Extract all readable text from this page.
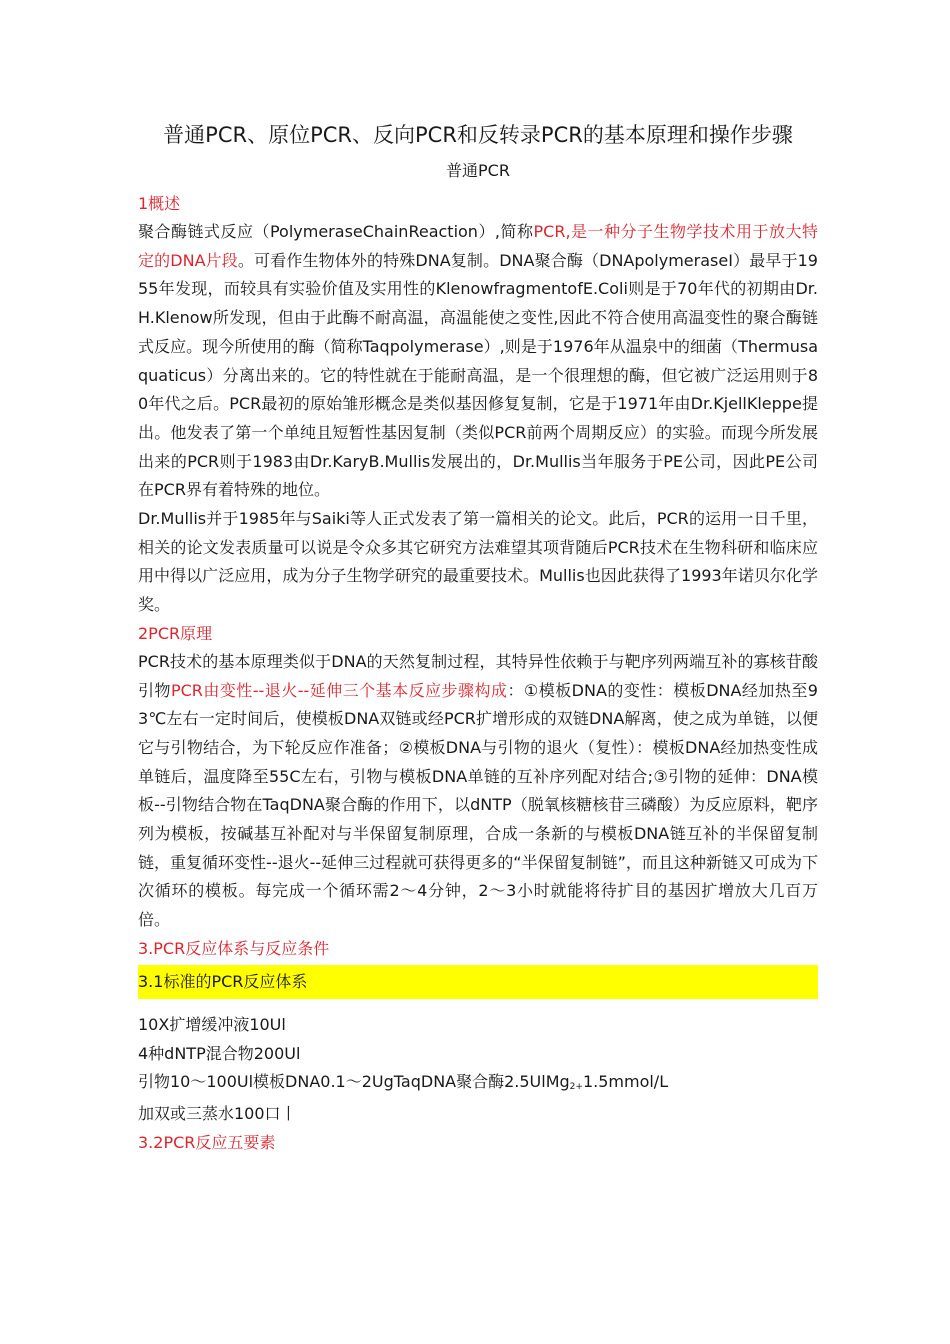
普通PCR、原位PCR、反向PCR和反转录PCR的基本原理和操作步骤
普通PCR
1概述

聚合酶链式反应（PolymeraseChainReaction）,简称PCR,是一种分子生物学技术用于放大特定的DNA片段。可看作生物体外的特殊DNA复制。DNA聚合酶（DNApolymeraseI）最早于1955年发现，而较具有实验价值及实用性的KlenowfragmentofE.Coli则是于70年代的初期由Dr.H.Klenow所发现，但由于此酶不耐高温，高温能使之变性,因此不符合使用高温变性的聚合酶链式反应。现今所使用的酶（简称Taqpolymerase）,则是于1976年从温泉中的细菌（Thermusaquaticus）分离出来的。它的特性就在于能耐高温，是一个很理想的酶，但它被广泛运用则于80年代之后。PCR最初的原始雏形概念是类似基因修复复制，它是于1971年由Dr.KjellKleppe提出。他发表了第一个单纯且短暂性基因复制（类似PCR前两个周期反应）的实验。而现今所发展出来的PCR则于1983由Dr.KaryB.Mullis发展出的，Dr.Mullis当年服务于PE公司，因此PE公司在PCR界有着特殊的地位。

Dr.Mullis并于1985年与Saiki等人正式发表了第一篇相关的论文。此后，PCR的运用一日千里，相关的论文发表质量可以说是令众多其它研究方法难望其项背随后PCR技术在生物科研和临床应用中得以广泛应用，成为分子生物学研究的最重要技术。Mullis也因此获得了1993年诺贝尔化学奖。

2PCR原理

PCR技术的基本原理类似于DNA的天然复制过程，其特异性依赖于与靶序列两端互补的寡核苷酸引物PCR由变性--退火--延伸三个基本反应步骤构成：①模板DNA的变性：模板DNA经加热至93℃左右一定时间后，使模板DNA双链或经PCR扩增形成的双链DNA解离，使之成为单链，以便它与引物结合，为下轮反应作准备；②模板DNA与引物的退火（复性）：模板DNA经加热变性成单链后，温度降至55C左右，引物与模板DNA单链的互补序列配对结合;③引物的延伸：DNA模板--引物结合物在TaqDNA聚合酶的作用下，以dNTP（脱氧核糖核苷三磷酸）为反应原料，靶序列为模板，按碱基互补配对与半保留复制原理，合成一条新的与模板DNA链互补的半保留复制链，重复循环变性--退火--延伸三过程就可获得更多的“半保留复制链”，而且这种新链又可成为下次循环的模板。每完成一个循环需2〜4分钟，2〜3小时就能将待扩目的基因扩增放大几百万倍。

3.PCR反应体系与反应条件
3.1标准的PCR反应体系
10X扩增缓冲液10Ul
4种dNTP混合物200Ul
引物10〜100Ul模板DNA0.1〜2UgTaqDNA聚合酶2.5UlMg$_{2+}$1.5mmol/L
加双或三蒸水100口丨
3.2PCR反应五要素
